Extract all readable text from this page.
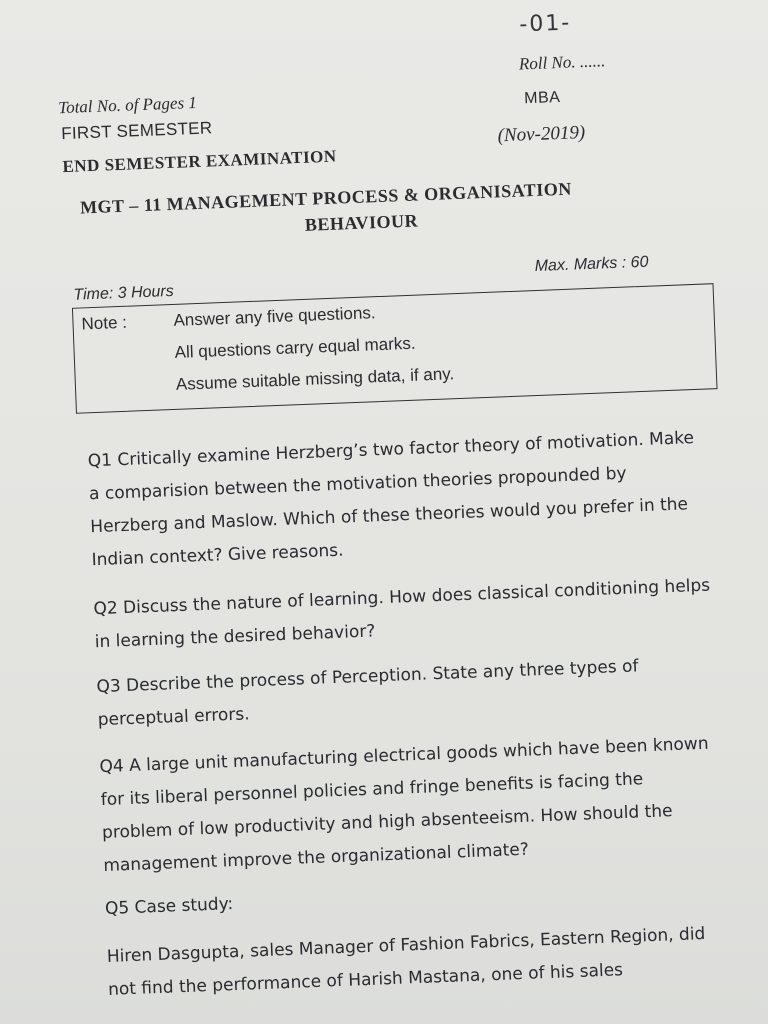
-01-
Roll No. ......
Total No. of Pages 1	MBA
FIRST SEMESTER	(Nov-2019)
END SEMESTER EXAMINATION
MGT – 11 MANAGEMENT PROCESS & ORGANISATION
BEHAVIOUR
Time: 3 Hours
Max. Marks : 60
Note :	Answer any five questions.
All questions carry equal marks.
Assume suitable missing data, if any.
Q1 Critically examine Herzberg’s two factor theory of motivation. Make
a comparision between the motivation theories propounded by
Herzberg and Maslow. Which of these theories would you prefer in the
Indian context? Give reasons.
Q2 Discuss the nature of learning. How does classical conditioning helps
in learning the desired behavior?
Q3 Describe the process of Perception. State any three types of
perceptual errors.
Q4 A large unit manufacturing electrical goods which have been known
for its liberal personnel policies and fringe benefits is facing the
problem of low productivity and high absenteeism. How should the
management improve the organizational climate?
Q5 Case study:
Hiren Dasgupta, sales Manager of Fashion Fabrics, Eastern Region, did
not find the performance of Harish Mastana, one of his sales
